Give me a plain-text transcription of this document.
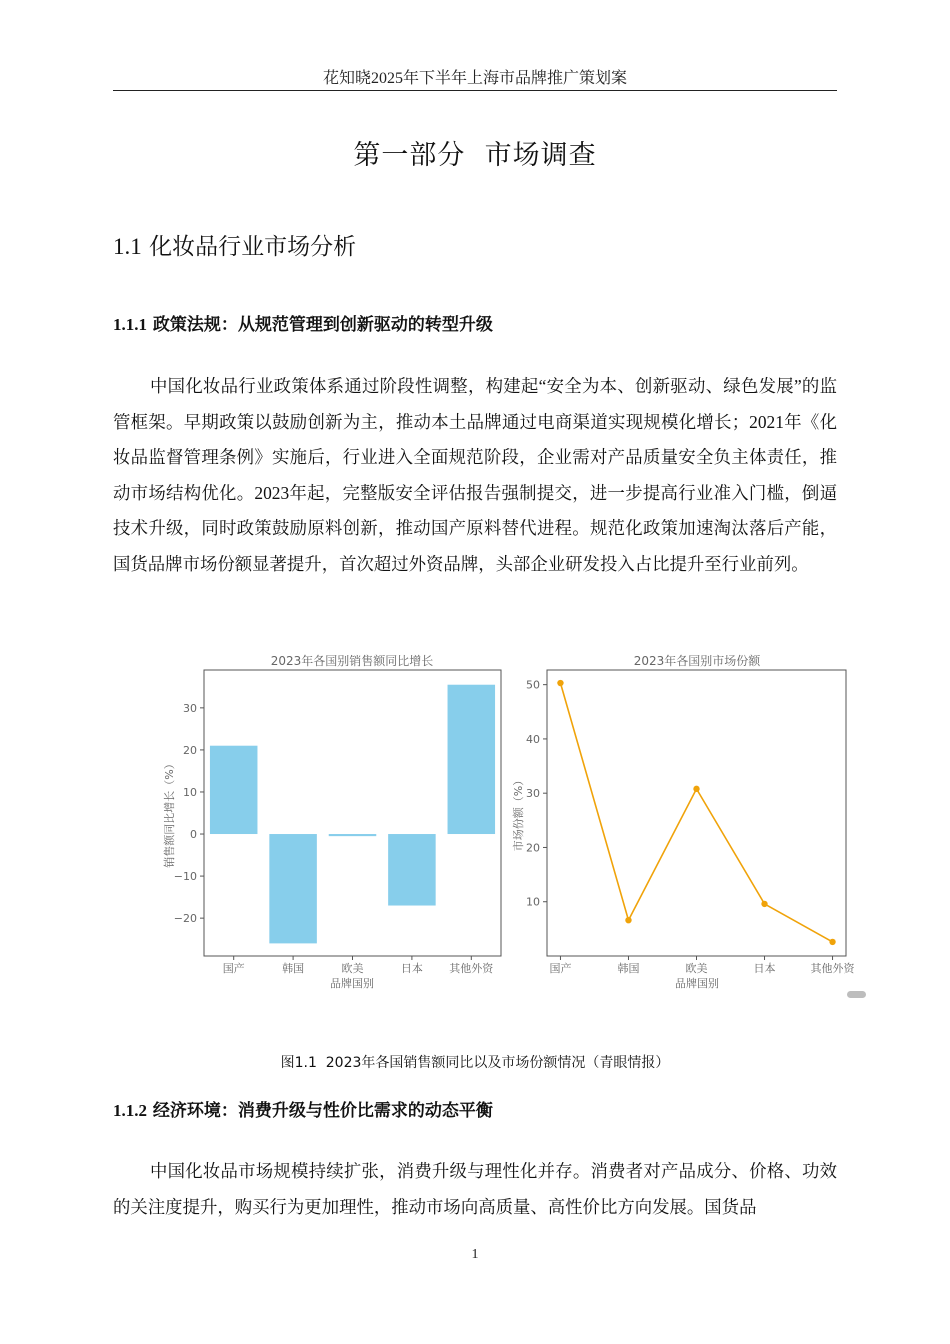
花知晓2025年下半年上海市品牌推广策划案
第一部分  市场调查
1.1 化妆品行业市场分析
1.1.1 政策法规：从规范管理到创新驱动的转型升级

中国化妆品行业政策体系通过阶段性调整，构建起“安全为本、创新驱动、绿色发展”的监管框架。早期政策以鼓励创新为主，推动本土品牌通过电商渠道实现规模化增长；2021年《化妆品监督管理条例》实施后，行业进入全面规范阶段，企业需对产品质量安全负主体责任，推动市场结构优化。2023年起，完整版安全评估报告强制提交，进一步提高行业准入门槛，倒逼技术升级，同时政策鼓励原料创新，推动国产原料替代进程。规范化政策加速淘汰落后产能，国货品牌市场份额显著提升，首次超过外资品牌，头部企业研发投入占比提升至行业前列。

2023年各国别销售额同比增长
−20
−10
0
10
20
30
国产	韩国	欧美	日本 其他外资
品牌国别
销售额同比增长（%）
2023年各国别市场份额
10
20
30
40
50
国产	韩国	欧美	日本	其他外资
品牌国别
市场份额（%）
图1.1  2023年各国销售额同比以及市场份额情况（青眼情报）
1.1.2 经济环境：消费升级与性价比需求的动态平衡

中国化妆品市场规模持续扩张，消费升级与理性化并存。消费者对产品成分、价格、功效的关注度提升，购买行为更加理性，推动市场向高质量、高性价比方向发展。国货品

1
